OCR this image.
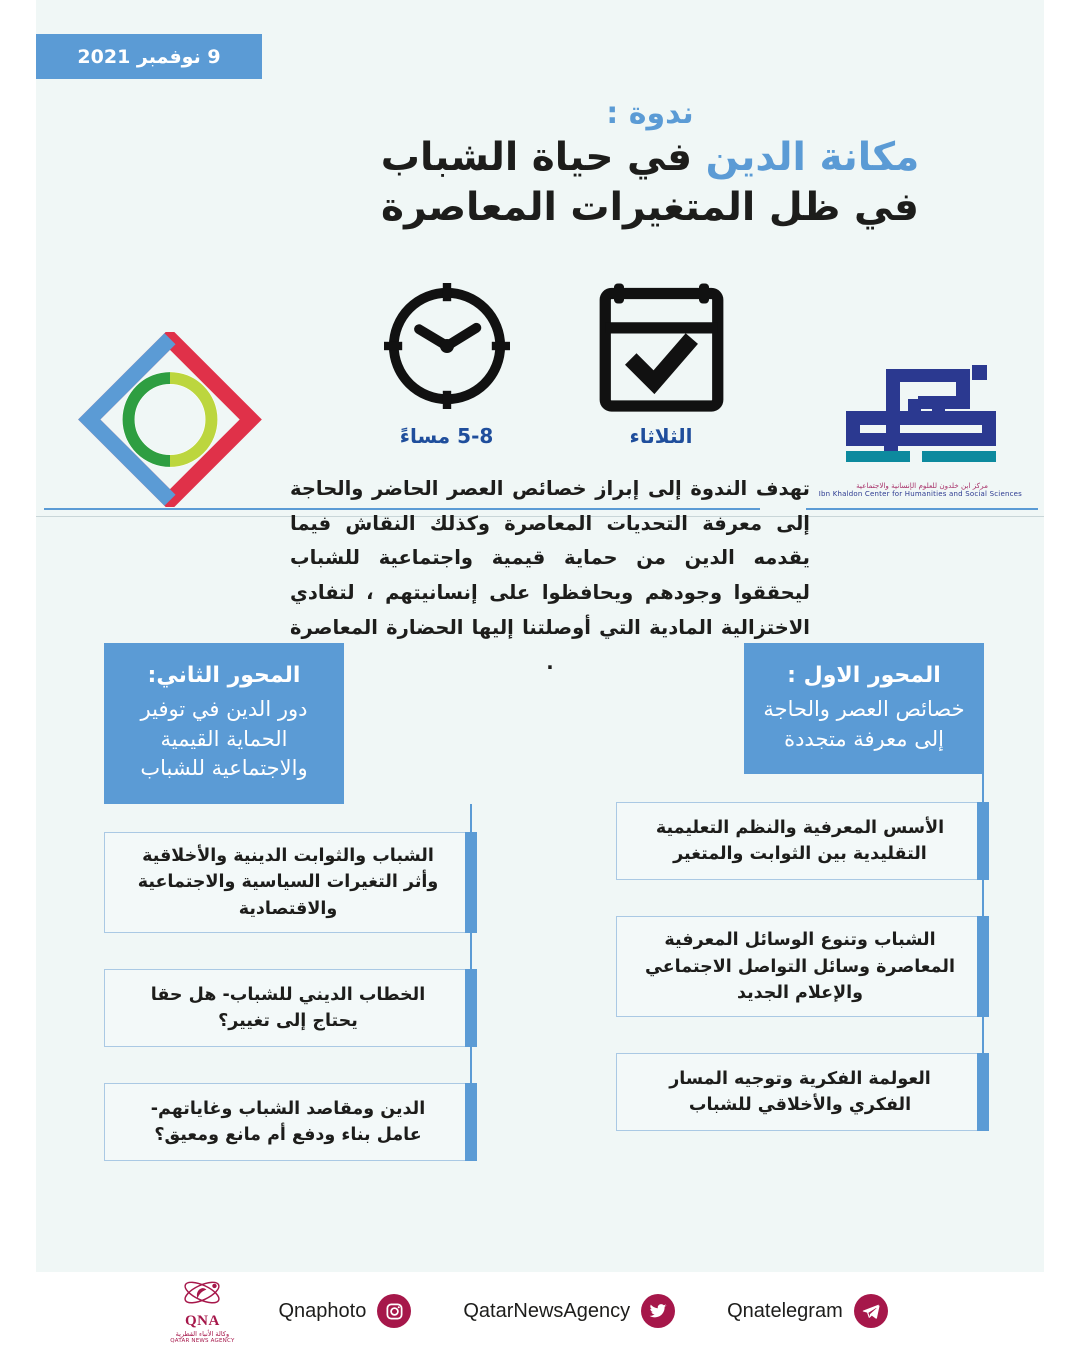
9 نوفمبر 2021
ندوة :
مكانة الدين في حياة الشباب
في ظل المتغيرات المعاصرة
5-8 مساءً	الثلاثاء
مركز ابن خلدون للعلوم الإنسانية والاجتماعية
Ibn Khaldon Center for Humanities and Social Sciences
تهدف الندوة إلى إبراز خصائص العصر الحاضر والحاجة إلى معرفة التحديات المعاصرة وكذلك النقاش فيما يقدمه الدين من حماية قيمية واجتماعية للشباب ليحققوا وجودهم ويحافظوا على إنسانيتهم ، لتفادي الاختزالية المادية التي أوصلتنا إليها الحضارة المعاصرة .
المحور الاول :
خصائص العصر والحاجة إلى معرفة متجددة
الأسس المعرفية والنظم التعليمية التقليدية بين الثوابت والمتغير
الشباب وتنوع الوسائل المعرفية المعاصرة وسائل التواصل الاجتماعي والإعلام الجديد
العولمة الفكرية وتوجيه المسار الفكري والأخلاقي للشباب
المحور الثاني:
دور الدين في توفير الحماية القيمية والاجتماعية للشباب
الشباب والثوابت الدينية والأخلاقية وأثر التغيرات السياسية والاجتماعية والاقتصادية
الخطاب الديني للشباب- هل حقا يحتاج إلى تغيير؟
الدين ومقاصد الشباب وغاياتهم- عامل بناء ودفع أم مانع ومعيق؟
QNA
وكالة الأنباء القطرية
QATAR NEWS AGENCY
Qnaphoto	QatarNewsAgency	Qnatelegram
